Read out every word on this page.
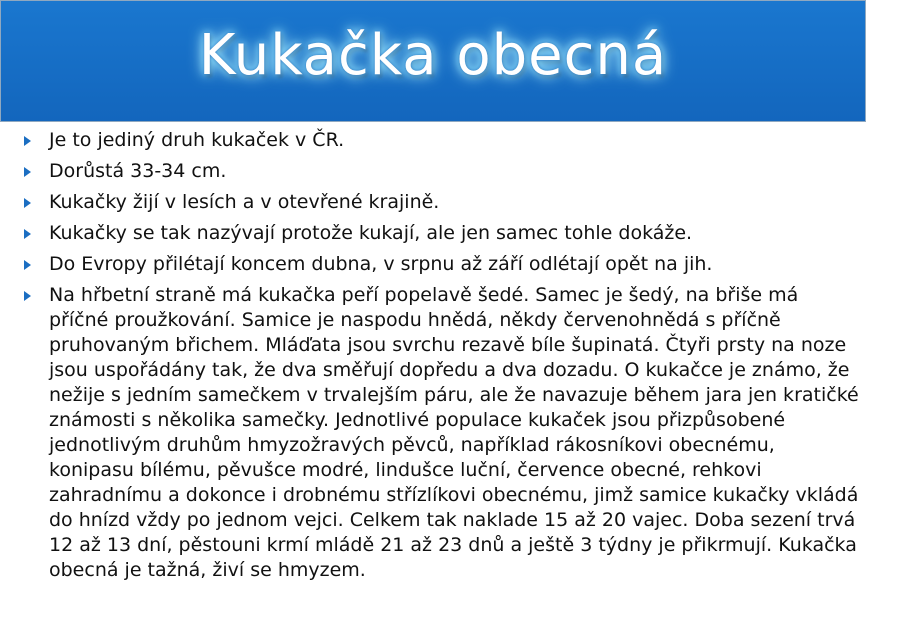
Kukačka obecná
Je to jediný druh kukaček v ČR.
Dorůstá 33-34 cm.
Kukačky žijí v lesích a v otevřené krajině.
Kukačky se tak nazývají protože kukají, ale jen samec tohle dokáže.
Do Evropy přilétají koncem dubna, v srpnu až září odlétají opět na jih.
Na hřbetní straně má kukačka peří popelavě šedé. Samec je šedý, na břiše má příčné proužkování. Samice je naspodu hnědá, někdy červenohnědá s příčně pruhovaným břichem. Mláďata jsou svrchu rezavě bíle šupinatá. Čtyři prsty na noze jsou uspořádány tak, že dva směřují dopředu a dva dozadu. O kukačce je známo, že nežije s jedním samečkem v trvalejším páru, ale že navazuje během jara jen kratičké známosti s několika samečky. Jednotlivé populace kukaček jsou přizpůsobené jednotlivým druhům hmyzožravých pěvců, například rákosníkovi obecnému, konipasu bílému, pěvušce modré, lindušce luční, července obecné, rehkovi zahradnímu a dokonce i drobnému střízlíkovi obecnému, jimž samice kukačky vkládá do hnízd vždy po jednom vejci. Celkem tak naklade 15 až 20 vajec. Doba sezení trvá 12 až 13 dní, pěstouni krmí mládě 21 až 23 dnů a ještě 3 týdny je přikrmují. Kukačka obecná je tažná, živí se hmyzem.
